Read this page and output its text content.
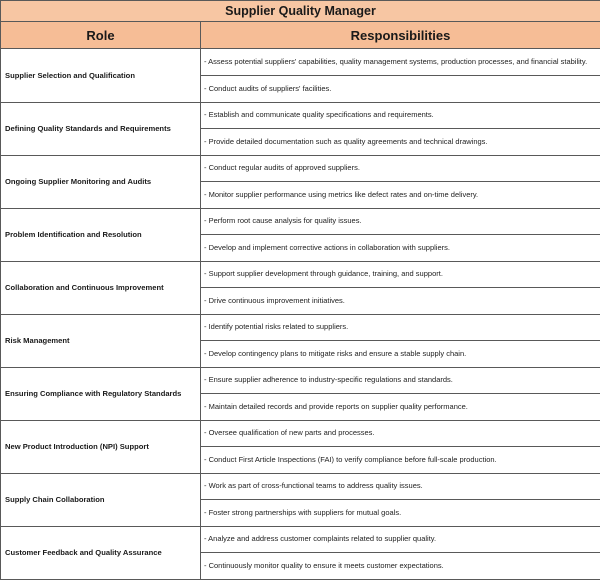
Supplier Quality Manager	
Role	Responsibilities
Supplier Selection and Qualification	- Assess potential suppliers' capabilities, quality management systems, production processes, and financial stability.
	- Conduct audits of suppliers' facilities.
Defining Quality Standards and Requirements	- Establish and communicate quality specifications and requirements.
	- Provide detailed documentation such as quality agreements and technical drawings.
Ongoing Supplier Monitoring and Audits	- Conduct regular audits of approved suppliers.
	- Monitor supplier performance using metrics like defect rates and on-time delivery.
Problem Identification and Resolution	- Perform root cause analysis for quality issues.
	- Develop and implement corrective actions in collaboration with suppliers.
Collaboration and Continuous Improvement	- Support supplier development through guidance, training, and support.
	- Drive continuous improvement initiatives.
Risk Management	- Identify potential risks related to suppliers.
	- Develop contingency plans to mitigate risks and ensure a stable supply chain.
Ensuring Compliance with Regulatory Standards	- Ensure supplier adherence to industry-specific regulations and standards.
	- Maintain detailed records and provide reports on supplier quality performance.
New Product Introduction (NPI) Support	- Oversee qualification of new parts and processes.
	- Conduct First Article Inspections (FAI) to verify compliance before full-scale production.
Supply Chain Collaboration	- Work as part of cross-functional teams to address quality issues.
	- Foster strong partnerships with suppliers for mutual goals.
Customer Feedback and Quality Assurance	- Analyze and address customer complaints related to supplier quality.
	- Continuously monitor quality to ensure it meets customer expectations.
